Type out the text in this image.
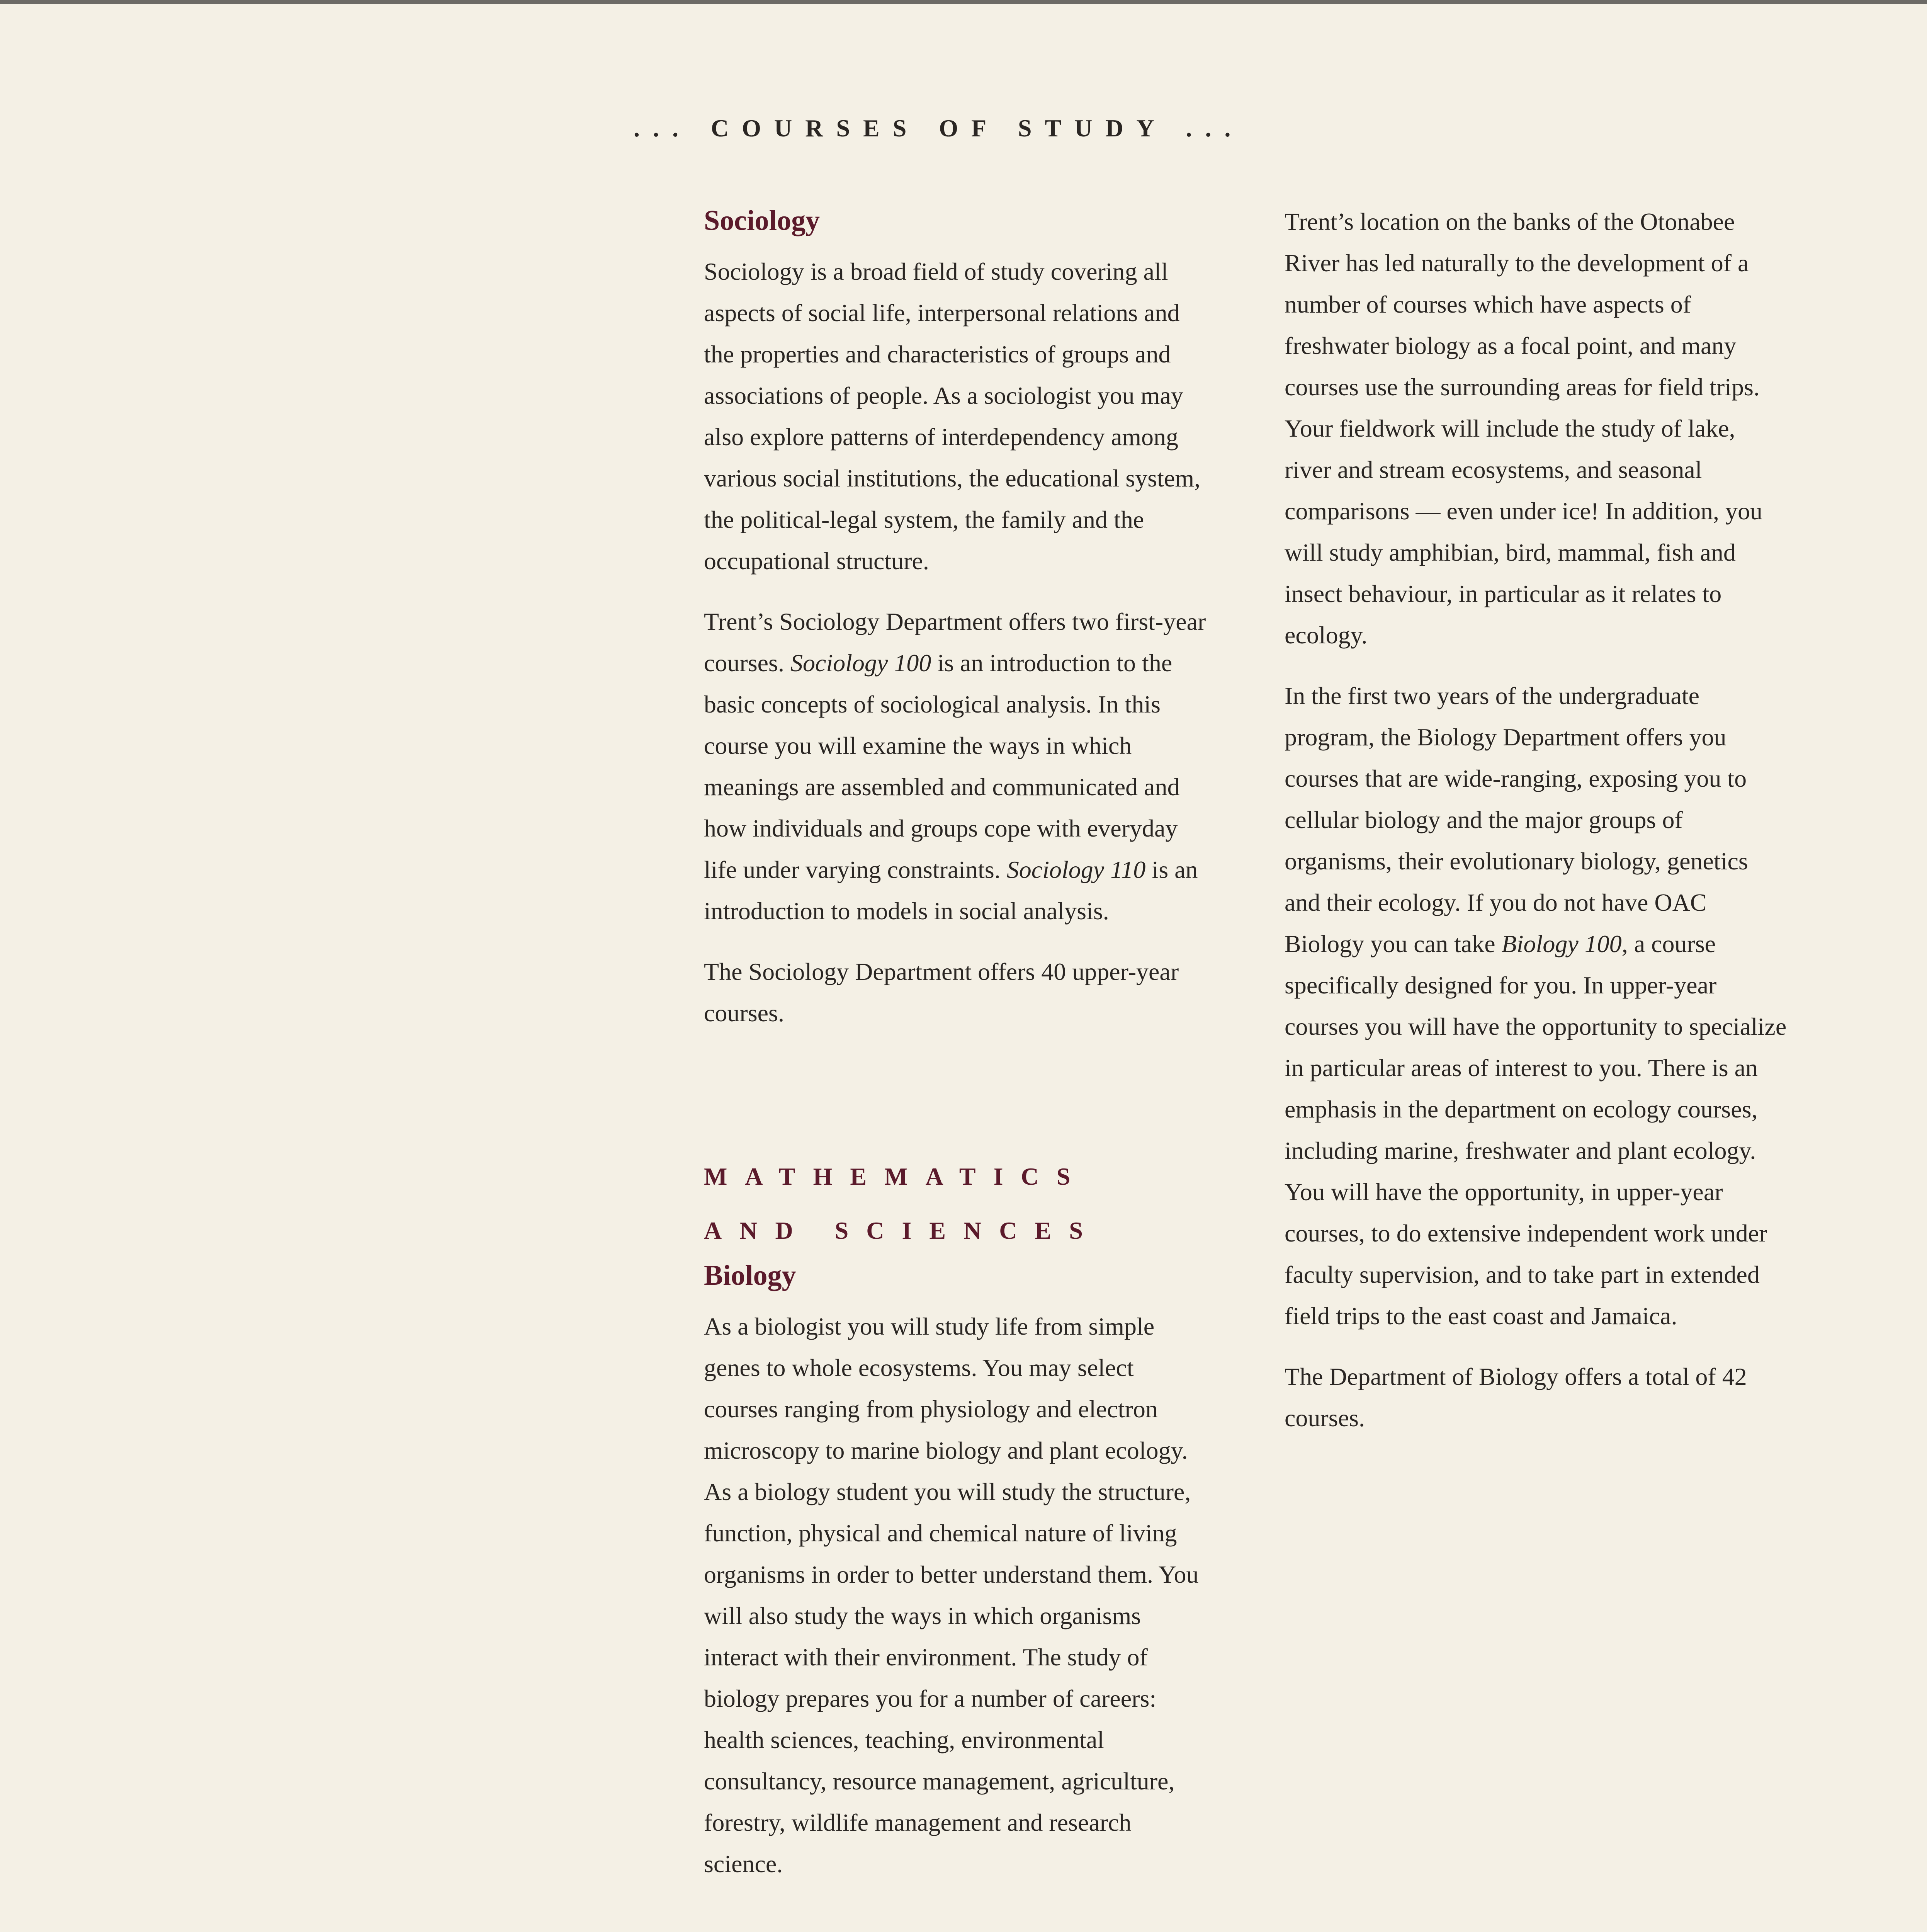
... COURSES OF STUDY ...
Sociology

Sociology is a broad field of study covering all aspects of social life, interpersonal relations and the properties and characteristics of groups and associations of people. As a sociologist you may also explore patterns of interdependency among various social institutions, the educational system, the political-legal system, the family and the occupational structure.

Trent’s Sociology Department offers two first-year courses. Sociology 100 is an introduction to the basic concepts of sociological analysis. In this course you will examine the ways in which meanings are assembled and communicated and how individuals and groups cope with everyday life under varying constraints. Sociology 110 is an introduction to models in social analysis.

The Sociology Department offers 40 upper-year courses.

MATHEMATICS AND SCIENCES
Biology

As a biologist you will study life from simple genes to whole ecosystems. You may select courses ranging from physiology and electron microscopy to marine biology and plant ecology. As a biology student you will study the structure, function, physical and chemical nature of living organisms in order to better understand them. You will also study the ways in which organisms interact with their environment. The study of biology prepares you for a number of careers: health sciences, teaching, environmental consultancy, resource management, agriculture, forestry, wildlife management and research science.

Trent’s location on the banks of the Otonabee River has led naturally to the development of a number of courses which have aspects of freshwater biology as a focal point, and many courses use the surrounding areas for field trips. Your fieldwork will include the study of lake, river and stream ecosystems, and seasonal comparisons — even under ice! In addition, you will study amphibian, bird, mammal, fish and insect behaviour, in particular as it relates to ecology.

In the first two years of the undergraduate program, the Biology Department offers you courses that are wide-ranging, exposing you to cellular biology and the major groups of organisms, their evolutionary biology, genetics and their ecology. If you do not have OAC Biology you can take Biology 100, a course specifically designed for you. In upper-year courses you will have the opportunity to specialize in particular areas of interest to you. There is an emphasis in the department on ecology courses, including marine, freshwater and plant ecology. You will have the opportunity, in upper-year courses, to do extensive independent work under faculty supervision, and to take part in extended field trips to the east coast and Jamaica.

The Department of Biology offers a total of 42 courses.
